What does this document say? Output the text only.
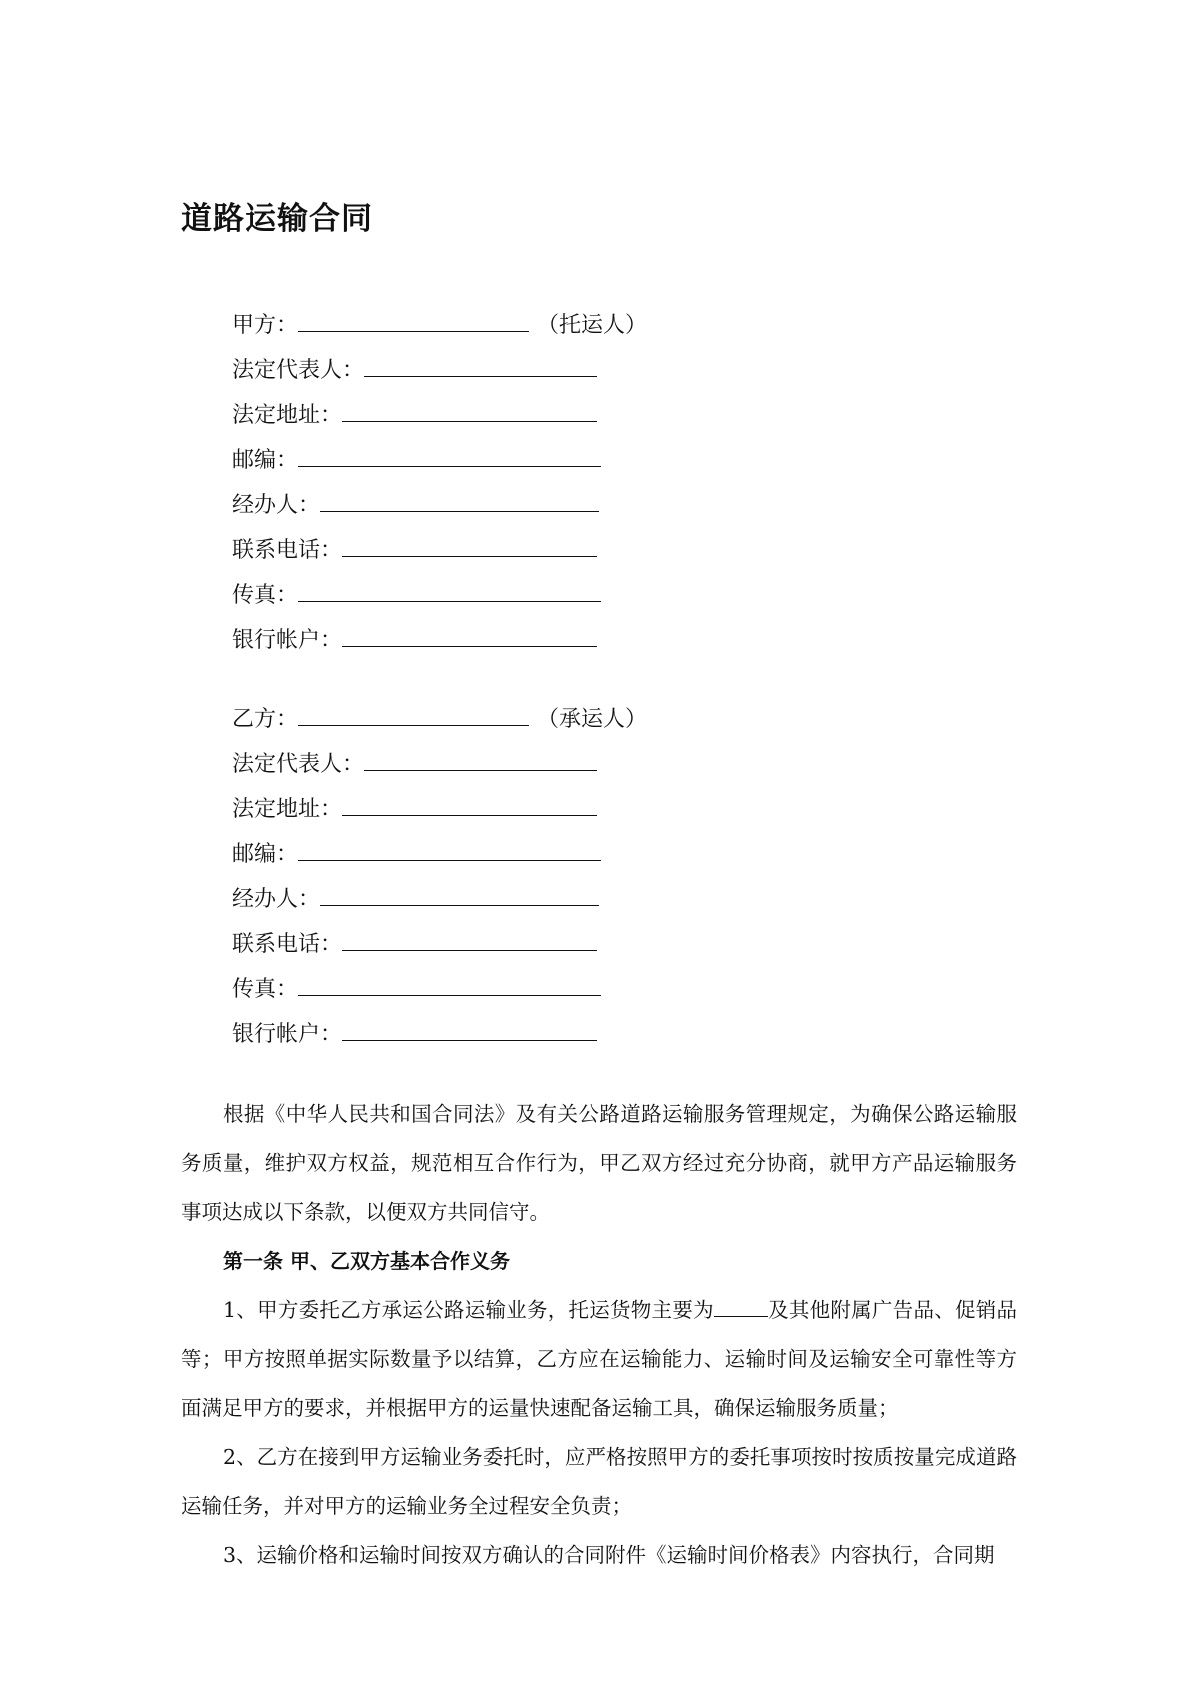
道路运输合同
甲方：	（托运人）
法定代表人：
法定地址：
邮编：
经办人：
联系电话：
传真：
银行帐户：
乙方：	（承运人）
法定代表人：
法定地址：
邮编：
经办人：
联系电话：
传真：
银行帐户：

根据《中华人民共和国合同法》及有关公路道路运输服务管理规定，为确保公路运输服务质量，维护双方权益，规范相互合作行为，甲乙双方经过充分协商，就甲方产品运输服务事项达成以下条款，以便双方共同信守。

第一条 甲、乙双方基本合作义务

1、甲方委托乙方承运公路运输业务，托运货物主要为	及其他附属广告品、促销品等；甲方按照单据实际数量予以结算，乙方应在运输能力、运输时间及运输安全可靠性等方面满足甲方的要求，并根据甲方的运量快速配备运输工具，确保运输服务质量；

2、乙方在接到甲方运输业务委托时，应严格按照甲方的委托事项按时按质按量完成道路运输任务，并对甲方的运输业务全过程安全负责；

3、运输价格和运输时间按双方确认的合同附件《运输时间价格表》内容执行，合同期
